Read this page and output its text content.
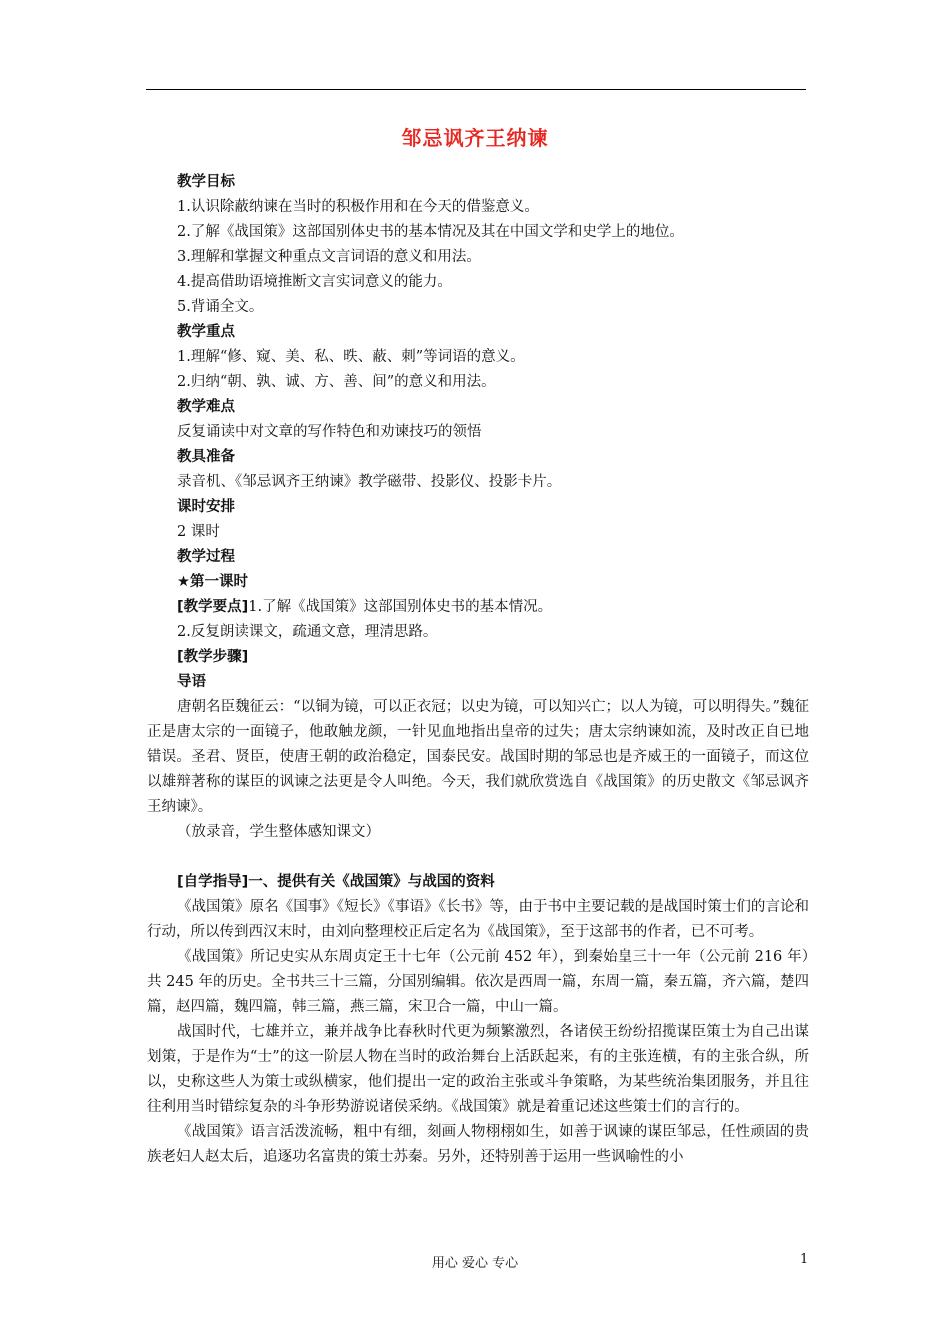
邹忌讽齐王纳谏
教学目标
1.认识除蔽纳谏在当时的积极作用和在今天的借鉴意义。
2.了解《战国策》这部国别体史书的基本情况及其在中国文学和史学上的地位。
3.理解和掌握文种重点文言词语的意义和用法。
4.提高借助语境推断文言实词意义的能力。
5.背诵全文。
教学重点
1.理解“修、窥、美、私、昳、蔽、刺”等词语的意义。
2.归纳“朝、孰、诚、方、善、间”的意义和用法。
教学难点
反复诵读中对文章的写作特色和劝谏技巧的领悟
教具准备
录音机、《邹忌讽齐王纳谏》教学磁带、投影仪、投影卡片。
课时安排
2 课时
教学过程
★第一课时
[教学要点]1.了解《战国策》这部国别体史书的基本情况。
2.反复朗读课文，疏通文意，理清思路。
[教学步骤]
导语

唐朝名臣魏征云：“以铜为镜，可以正衣冠；以史为镜，可以知兴亡；以人为镜，可以明得失。”魏征正是唐太宗的一面镜子，他敢触龙颜，一针见血地指出皇帝的过失；唐太宗纳谏如流，及时改正自已地错误。圣君、贤臣，使唐王朝的政治稳定，国泰民安。战国时期的邹忌也是齐威王的一面镜子，而这位以雄辩著称的谋臣的讽谏之法更是令人叫绝。今天，我们就欣赏选自《战国策》的历史散文《邹忌讽齐王纳谏》。

（放录音，学生整体感知课文）

[自学指导]一、提供有关《战国策》与战国的资料

《战国策》原名《国事》《短长》《事语》《长书》等，由于书中主要记载的是战国时策士们的言论和行动，所以传到西汉末时，由刘向整理校正后定名为《战国策》，至于这部书的作者，已不可考。

《战国策》所记史实从东周贞定王十七年（公元前 452 年），到秦始皇三十一年（公元前 216 年）共 245 年的历史。全书共三十三篇，分国别编辑。依次是西周一篇，东周一篇，秦五篇，齐六篇，楚四篇，赵四篇，魏四篇，韩三篇，燕三篇，宋卫合一篇，中山一篇。

战国时代，七雄并立，兼并战争比春秋时代更为频繁激烈，各诸侯王纷纷招揽谋臣策士为自己出谋划策，于是作为“士”的这一阶层人物在当时的政治舞台上活跃起来，有的主张连横，有的主张合纵，所以，史称这些人为策士或纵横家，他们提出一定的政治主张或斗争策略，为某些统治集团服务，并且往往利用当时错综复杂的斗争形势游说诸侯采纳。《战国策》就是着重记述这些策士们的言行的。

《战国策》语言活泼流畅，粗中有细，刻画人物栩栩如生，如善于讽谏的谋臣邹忌，任性顽固的贵族老妇人赵太后，追逐功名富贵的策士苏秦。另外，还特别善于运用一些讽喻性的小

用心 爱心 专心	1
